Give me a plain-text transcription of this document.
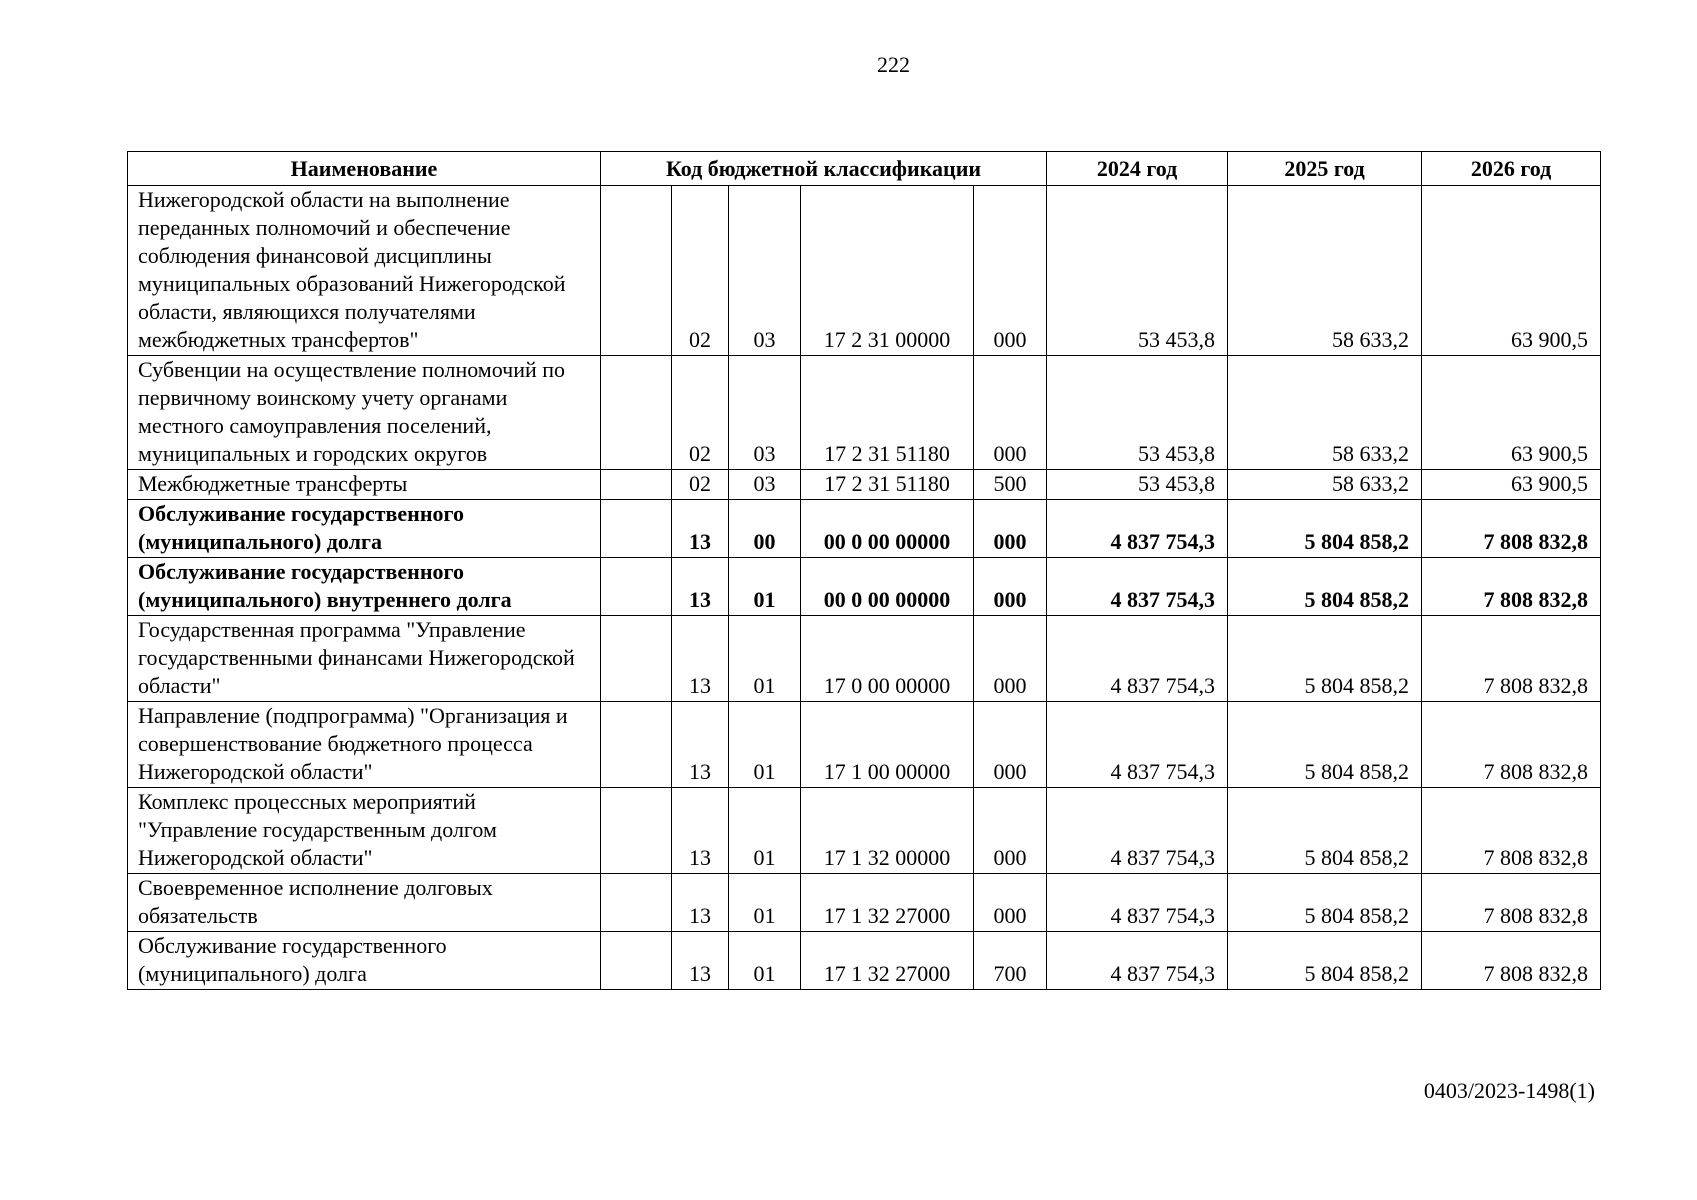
222
Наименование	Код бюджетной классификации					2024 год	2025 год	2026 год
Нижегородской области на выполнение переданных полномочий и обеспечение соблюдения финансовой дисциплины муниципальных образований Нижегородской области, являющихся получателями межбюджетных трансфертов"		02	03	17 2 31 00000	000	53 453,8	58 633,2	63 900,5
Субвенции на осуществление полномочий по первичному воинскому учету органами местного самоуправления поселений, муниципальных и городских округов		02	03	17 2 31 51180	000	53 453,8	58 633,2	63 900,5
Межбюджетные трансферты		02	03	17 2 31 51180	500	53 453,8	58 633,2	63 900,5
Обслуживание государственного (муниципального) долга		13	00	00 0 00 00000	000	4 837 754,3	5 804 858,2	7 808 832,8
Обслуживание государственного (муниципального) внутреннего долга		13	01	00 0 00 00000	000	4 837 754,3	5 804 858,2	7 808 832,8
Государственная программа "Управление государственными финансами Нижегородской области"		13	01	17 0 00 00000	000	4 837 754,3	5 804 858,2	7 808 832,8
Направление (подпрограмма) "Организация и совершенствование бюджетного процесса Нижегородской области"		13	01	17 1 00 00000	000	4 837 754,3	5 804 858,2	7 808 832,8
Комплекс процессных мероприятий "Управление государственным долгом Нижегородской области"		13	01	17 1 32 00000	000	4 837 754,3	5 804 858,2	7 808 832,8
Своевременное исполнение долговых обязательств		13	01	17 1 32 27000	000	4 837 754,3	5 804 858,2	7 808 832,8
Обслуживание государственного (муниципального) долга		13	01	17 1 32 27000	700	4 837 754,3	5 804 858,2	7 808 832,8
0403/2023-1498(1)
